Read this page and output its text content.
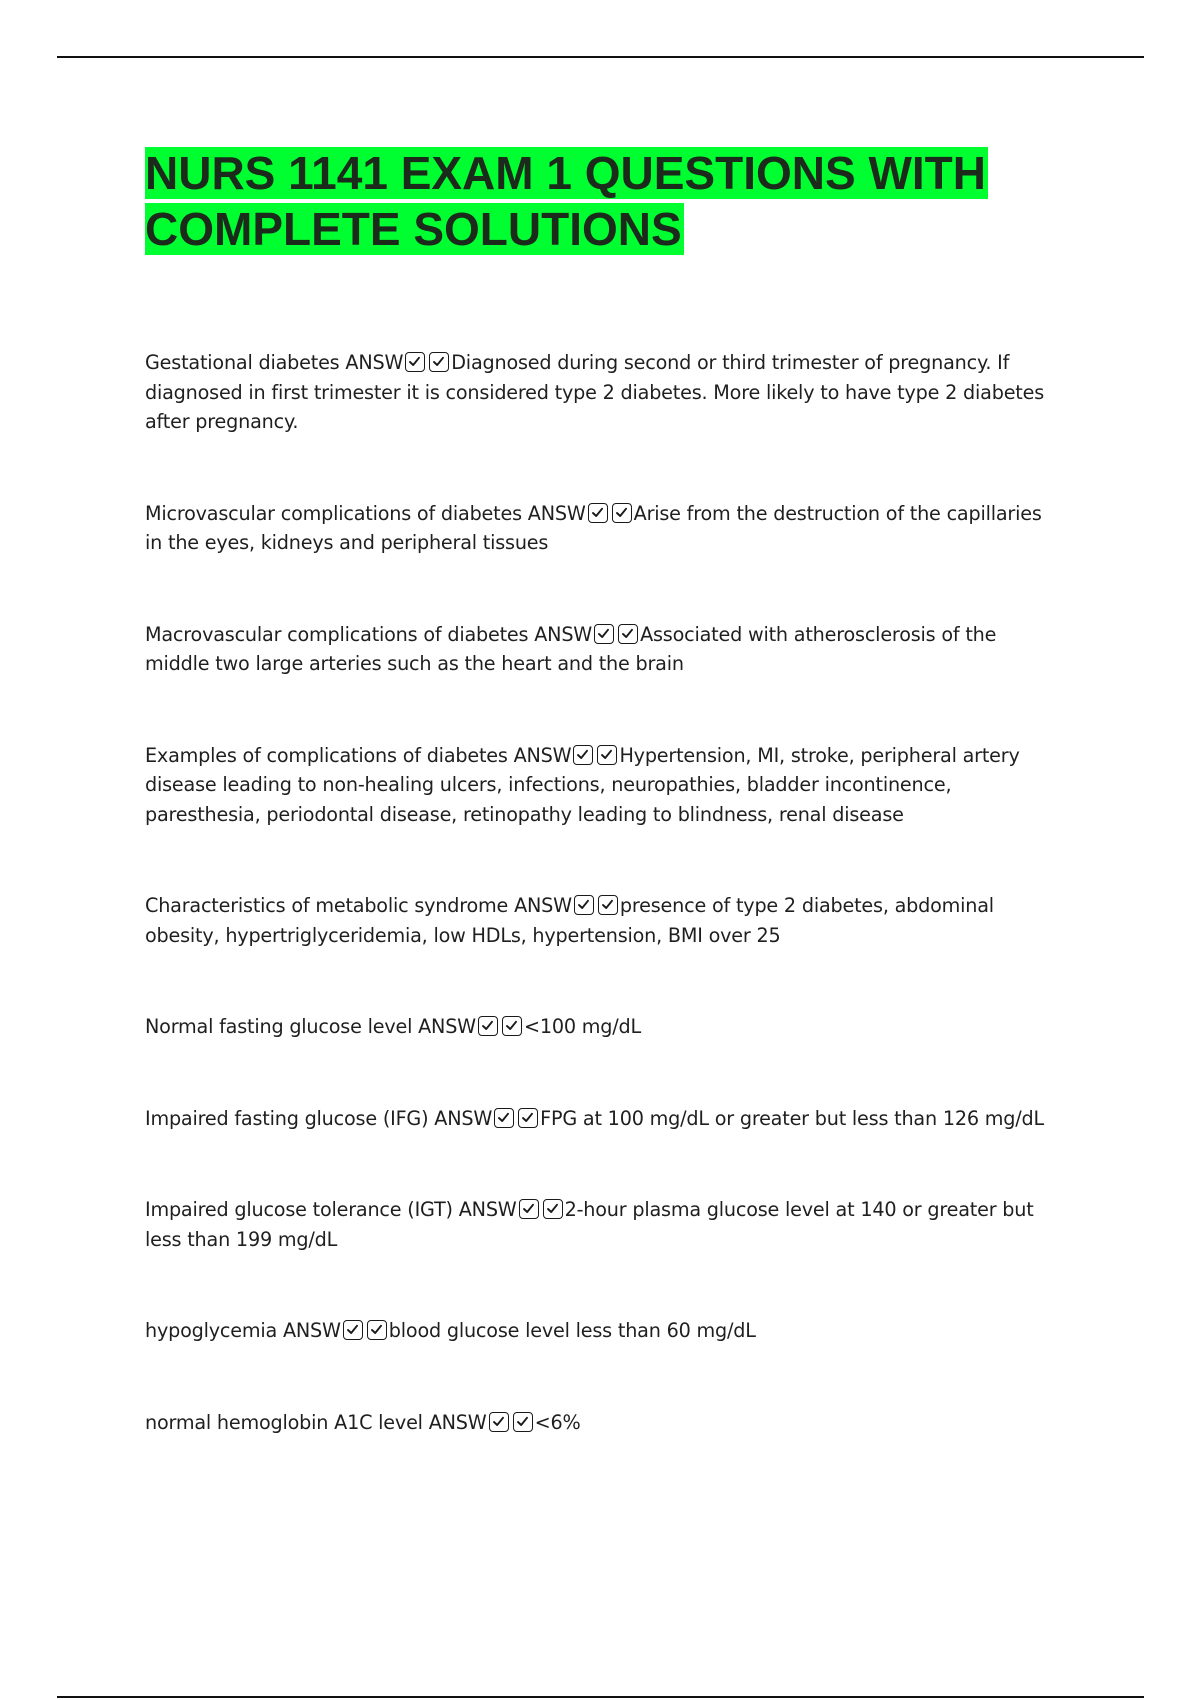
NURS 1141 EXAM 1 QUESTIONS WITH
COMPLETE SOLUTIONS
Gestational diabetes ANSW	Diagnosed during second or third trimester of pregnancy. If diagnosed in first trimester it is considered type 2 diabetes. More likely to have type 2 diabetes after pregnancy.
Microvascular complications of diabetes ANSW	Arise from the destruction of the capillaries in the eyes, kidneys and peripheral tissues
Macrovascular complications of diabetes ANSW	Associated with atherosclerosis of the middle two large arteries such as the heart and the brain
Examples of complications of diabetes ANSW	Hypertension, MI, stroke, peripheral artery disease leading to non-healing ulcers, infections, neuropathies, bladder incontinence, paresthesia, periodontal disease, retinopathy leading to blindness, renal disease
Characteristics of metabolic syndrome ANSW	presence of type 2 diabetes, abdominal obesity, hypertriglyceridemia, low HDLs, hypertension, BMI over 25
Normal fasting glucose level ANSW	<100 mg/dL
Impaired fasting glucose (IFG) ANSW	FPG at 100 mg/dL or greater but less than 126 mg/dL
Impaired glucose tolerance (IGT) ANSW	2-hour plasma glucose level at 140 or greater but less than 199 mg/dL
hypoglycemia ANSW	blood glucose level less than 60 mg/dL
normal hemoglobin A1C level ANSW	<6%
